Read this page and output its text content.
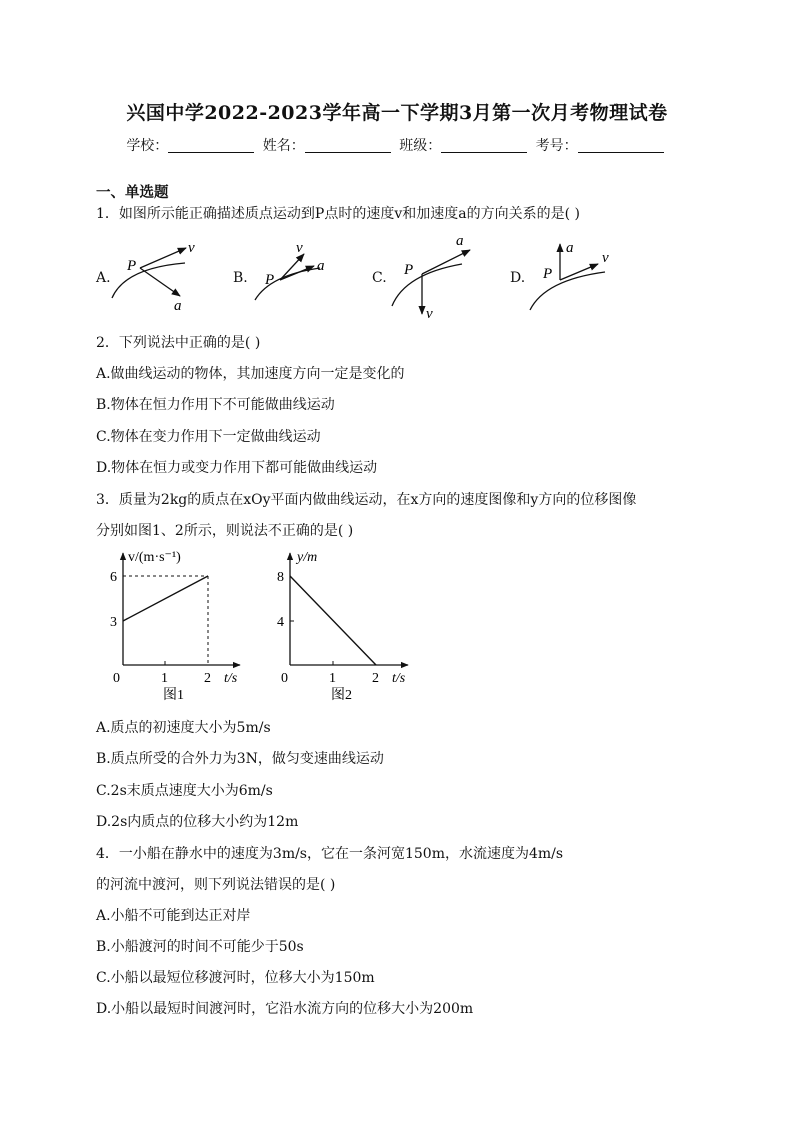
兴国中学2022-2023学年高一下学期3月第一次月考物理试卷
学校：	姓名：	班级：	考号：
一、单选题
1．如图所示能正确描述质点运动到P点时的速度v和加速度a的方向关系的是( )
A.	B.	C.	D.
P
v
a
P
v
a	P
a
v
P
a
v
2．下列说法中正确的是( )
A.做曲线运动的物体，其加速度方向一定是变化的
B.物体在恒力作用下不可能做曲线运动
C.物体在变力作用下一定做曲线运动
D.物体在恒力或变力作用下都可能做曲线运动
3．质量为2kg的质点在xOy平面内做曲线运动，在x方向的速度图像和y方向的位移图像
分别如图1、2所示，则说法不正确的是( )
v/(m·s⁻¹)
6
3
0	1	2 t/s
图1
y/m
8
4
0	1	2 t/s
图2
A.质点的初速度大小为5m/s
B.质点所受的合外力为3N，做匀变速曲线运动
C.2s末质点速度大小为6m/s
D.2s内质点的位移大小约为12m
4．一小船在静水中的速度为3m/s，它在一条河宽150m，水流速度为4m/s
的河流中渡河，则下列说法错误的是( )
A.小船不可能到达正对岸
B.小船渡河的时间不可能少于50s
C.小船以最短位移渡河时，位移大小为150m
D.小船以最短时间渡河时，它沿水流方向的位移大小为200m
